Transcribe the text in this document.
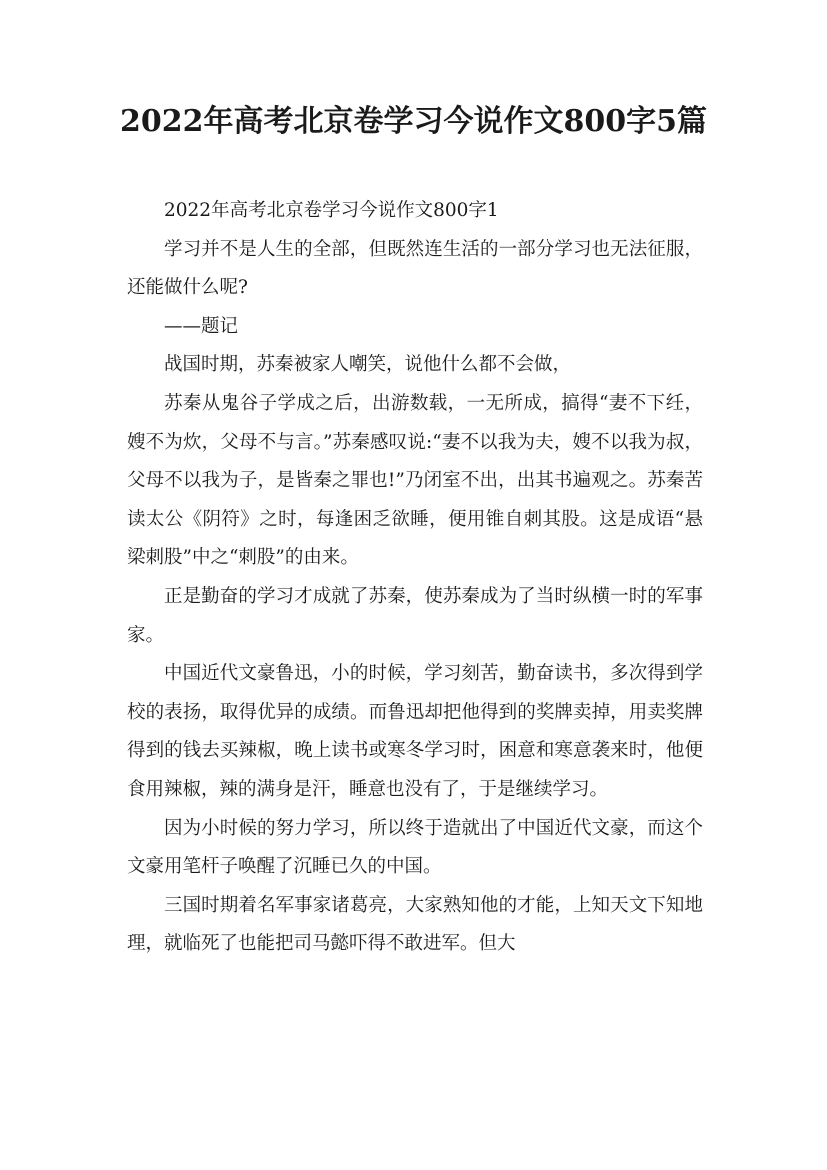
2022年高考北京卷学习今说作文800字5篇

2022年高考北京卷学习今说作文800字1

学习并不是人生的全部，但既然连生活的一部分学习也无法征服，还能做什么呢?

——题记

战国时期，苏秦被家人嘲笑，说他什么都不会做，

苏秦从鬼谷子学成之后，出游数载，一无所成，搞得“妻不下纴，嫂不为炊，父母不与言。”苏秦感叹说:“妻不以我为夫，嫂不以我为叔，父母不以我为子，是皆秦之罪也!”乃闭室不出，出其书遍观之。苏秦苦读太公《阴符》之时，每逢困乏欲睡，便用锥自刺其股。这是成语“悬梁刺股”中之“刺股”的由来。

正是勤奋的学习才成就了苏秦，使苏秦成为了当时纵横一时的军事家。

中国近代文豪鲁迅，小的时候，学习刻苦，勤奋读书，多次得到学校的表扬，取得优异的成绩。而鲁迅却把他得到的奖牌卖掉，用卖奖牌得到的钱去买辣椒，晚上读书或寒冬学习时，困意和寒意袭来时，他便食用辣椒，辣的满身是汗，睡意也没有了，于是继续学习。

因为小时候的努力学习，所以终于造就出了中国近代文豪，而这个文豪用笔杆子唤醒了沉睡已久的中国。

三国时期着名军事家诸葛亮，大家熟知他的才能，上知天文下知地理，就临死了也能把司马懿吓得不敢进军。但大
